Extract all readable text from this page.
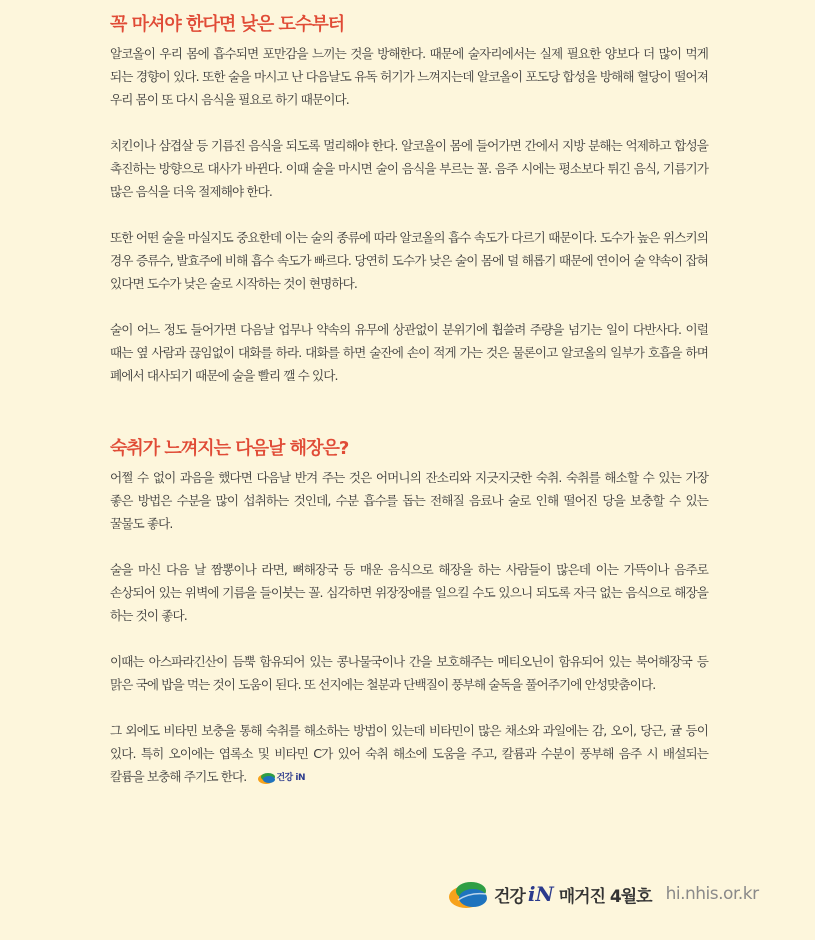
꼭 마셔야 한다면 낮은 도수부터

알코올이 우리 몸에 흡수되면 포만감을 느끼는 것을 방해한다. 때문에 술자리에서는 실제 필요한 양보다 더 많이 먹게 되는 경향이 있다. 또한 술을 마시고 난 다음날도 유독 허기가 느껴지는데 알코올이 포도당 합성을 방해해 혈당이 떨어져 우리 몸이 또 다시 음식을 필요로 하기 때문이다.

치킨이나 삼겹살 등 기름진 음식을 되도록 멀리해야 한다. 알코올이 몸에 들어가면 간에서 지방 분해는 억제하고 합성을 촉진하는 방향으로 대사가 바뀐다. 이때 술을 마시면 술이 음식을 부르는 꼴. 음주 시에는 평소보다 튀긴 음식, 기름기가 많은 음식을 더욱 절제해야 한다.

또한 어떤 술을 마실지도 중요한데 이는 술의 종류에 따라 알코올의 흡수 속도가 다르기 때문이다. 도수가 높은 위스키의 경우 증류수, 발효주에 비해 흡수 속도가 빠르다. 당연히 도수가 낮은 술이 몸에 덜 해롭기 때문에 연이어 술 약속이 잡혀 있다면 도수가 낮은 술로 시작하는 것이 현명하다.

술이 어느 정도 들어가면 다음날 업무나 약속의 유무에 상관없이 분위기에 휩쓸려 주량을 넘기는 일이 다반사다. 이럴 때는 옆 사람과 끊임없이 대화를 하라. 대화를 하면 술잔에 손이 적게 가는 것은 물론이고 알코올의 일부가 호흡을 하며 폐에서 대사되기 때문에 술을 빨리 깰 수 있다.

숙취가 느껴지는 다음날 해장은?

어쩔 수 없이 과음을 했다면 다음날 반겨 주는 것은 어머니의 잔소리와 지긋지긋한 숙취. 숙취를 해소할 수 있는 가장 좋은 방법은 수분을 많이 섭취하는 것인데, 수분 흡수를 돕는 전해질 음료나 술로 인해 떨어진 당을 보충할 수 있는 꿀물도 좋다.

술을 마신 다음 날 짬뽕이나 라면, 뼈해장국 등 매운 음식으로 해장을 하는 사람들이 많은데 이는 가뜩이나 음주로 손상되어 있는 위벽에 기름을 들이붓는 꼴. 심각하면 위장장애를 일으킬 수도 있으니 되도록 자극 없는 음식으로 해장을 하는 것이 좋다.

이때는 아스파라긴산이 듬뿍 함유되어 있는 콩나물국이나 간을 보호해주는 메티오닌이 함유되어 있는 북어해장국 등 맑은 국에 밥을 먹는 것이 도움이 된다. 또 선지에는 철분과 단백질이 풍부해 술독을 풀어주기에 안성맞춤이다.

그 외에도 비타민 보충을 통해 숙취를 해소하는 방법이 있는데 비타민이 많은 채소와 과일에는 감, 오이, 당근, 귤 등이 있다. 특히 오이에는 엽록소 및 비타민 C가 있어 숙취 해소에 도움을 주고, 칼륨과 수분이 풍부해 음주 시 배설되는 칼륨을 보충해 주기도 한다.	건강 iN

건강 iN 매거진 4월호 hi.nhis.or.kr
